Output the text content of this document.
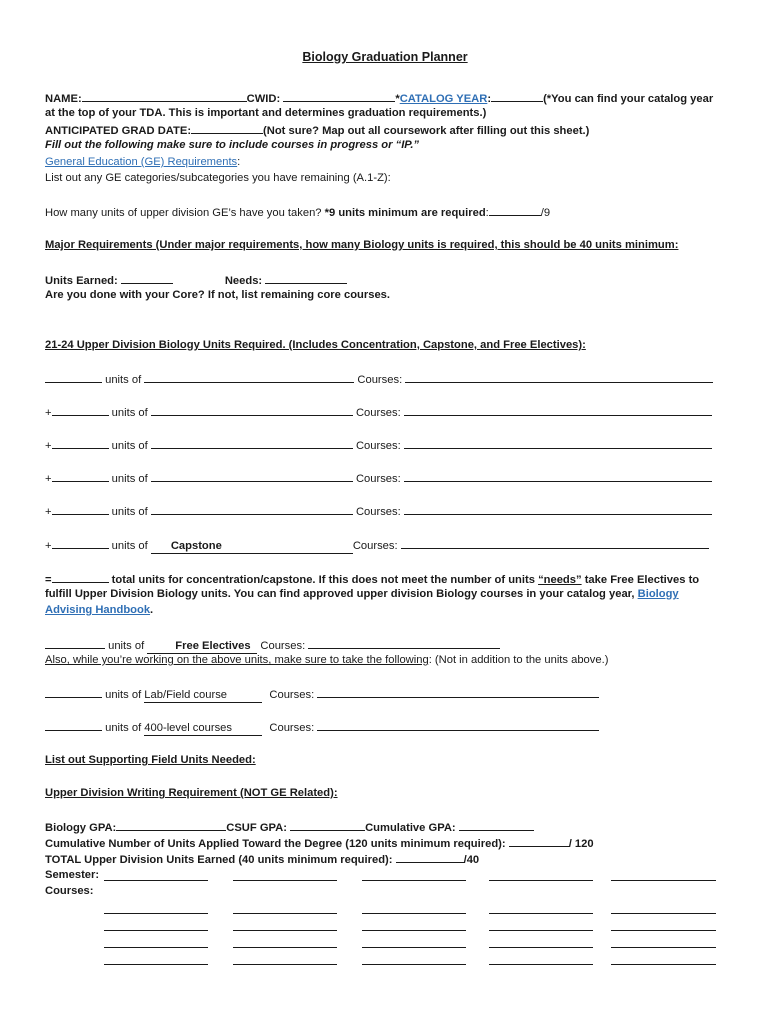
Biology Graduation Planner
NAME:	CWID:	*CATALOG YEAR:	(*You can find your catalog year
at the top of your TDA. This is important and determines graduation requirements.)
ANTICIPATED GRAD DATE:	(Not sure? Map out all coursework after filling out this sheet.)
Fill out the following make sure to include courses in progress or “IP.”
General Education (GE) Requirements:
List out any GE categories/subcategories you have remaining (A.1-Z):
How many units of upper division GE’s have you taken? *9 units minimum are required:	/9
Major Requirements (Under major requirements, how many Biology units is required, this should be 40 units minimum:
Units Earned:	Needs:
Are you done with your Core? If not, list remaining core courses.
21-24 Upper Division Biology Units Required. (Includes Concentration, Capstone, and Free Electives):
units of	Courses:
+	units of	Courses:
+	units of	Courses:
+	units of	Courses:
+	units of	Courses:
+	units of Capstone	Courses:
=	total units for concentration/capstone. If this does not meet the number of units “needs” take Free Electives to
fulfill Upper Division Biology units. You can find approved upper division Biology courses in your catalog year, Biology
Advising Handbook.
units of	Free Electives Courses:
Also, while you’re working on the above units, make sure to take the following: (Not in addition to the units above.)
units of Lab/Field course	Courses:
units of 400-level courses	Courses:
List out Supporting Field Units Needed:
Upper Division Writing Requirement (NOT GE Related):
Biology GPA:	CSUF GPA:	Cumulative GPA:
Cumulative Number of Units Applied Toward the Degree (120 units minimum required):	/ 120
TOTAL Upper Division Units Earned (40 units minimum required):	/40
Semester:
Courses:
